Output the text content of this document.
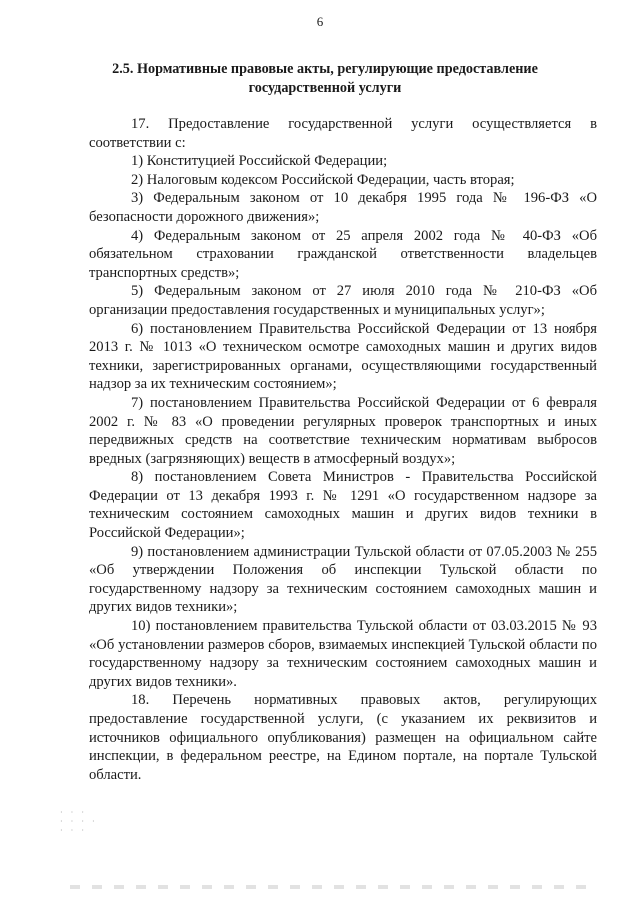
6
2.5. Нормативные правовые акты, регулирующие предоставление государственной услуги

17. Предоставление государственной услуги осуществляется в соответствии с:

1) Конституцией Российской Федерации;

2) Налоговым кодексом Российской Федерации, часть вторая;

3) Федеральным законом от 10 декабря 1995 года № 196-ФЗ «О безопасности дорожного движения»;

4) Федеральным законом от 25 апреля 2002 года № 40-ФЗ «Об обязательном страховании гражданской ответственности владельцев транспортных средств»;

5) Федеральным законом от 27 июля 2010 года № 210-ФЗ «Об организации предоставления государственных и муниципальных услуг»;

6) постановлением Правительства Российской Федерации от 13 ноября 2013 г. № 1013 «О техническом осмотре самоходных машин и других видов техники, зарегистрированных органами, осуществляющими государственный надзор за их техническим состоянием»;

7) постановлением Правительства Российской Федерации от 6 февраля 2002 г. № 83 «О проведении регулярных проверок транспортных и иных передвижных средств на соответствие техническим нормативам выбросов вредных (загрязняющих) веществ в атмосферный воздух»;

8) постановлением Совета Министров - Правительства Российской Федерации от 13 декабря 1993 г. № 1291 «О государственном надзоре за техническим состоянием самоходных машин и других видов техники в Российской Федерации»;

9) постановлением администрации Тульской области от 07.05.2003 № 255 «Об утверждении Положения об инспекции Тульской области по государственному надзору за техническим состоянием самоходных машин и других видов техники»;

10) постановлением правительства Тульской области от 03.03.2015 № 93 «Об установлении размеров сборов, взимаемых инспекцией Тульской области по государственному надзору за техническим состоянием самоходных машин и других видов техники».

18. Перечень нормативных правовых актов, регулирующих предоставление государственной услуги, (с указанием их реквизитов и источников официального опубликования) размещен на официальном сайте инспекции, в федеральном реестре, на Едином портале, на портале Тульской области.

· · ·
· · · ·
· · ·
